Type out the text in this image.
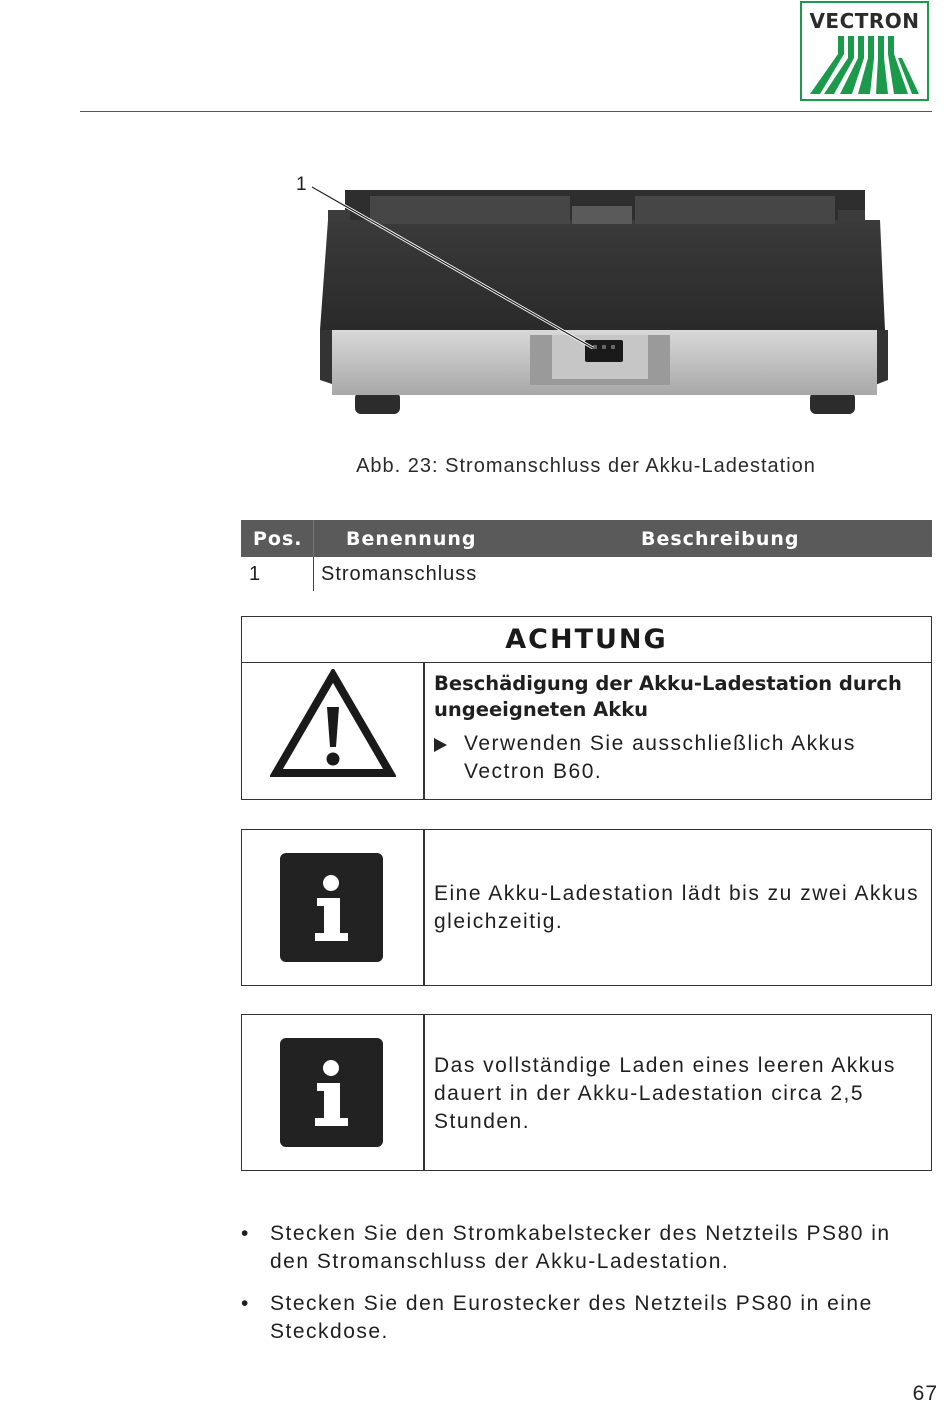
VECTRON
1
Abb. 23: Stromanschluss der Akku-Ladestation
Pos. Benennung	Beschreibung
1	Stromanschluss
ACHTUNG
Beschädigung der Akku-Ladestation durch ungeeigneten Akku
Verwenden Sie ausschließlich Akkus Vectron B60.
Eine Akku-Ladestation lädt bis zu zwei Akkus gleichzeitig.
Das vollständige Laden eines leeren Akkus dauert in der Akku-Ladestation circa 2,5 Stunden.
• Stecken Sie den Stromkabelstecker des Netzteils PS80 in den Stromanschluss der Akku-Ladestation.
• Stecken Sie den Eurostecker des Netzteils PS80 in eine Steckdose.
67
